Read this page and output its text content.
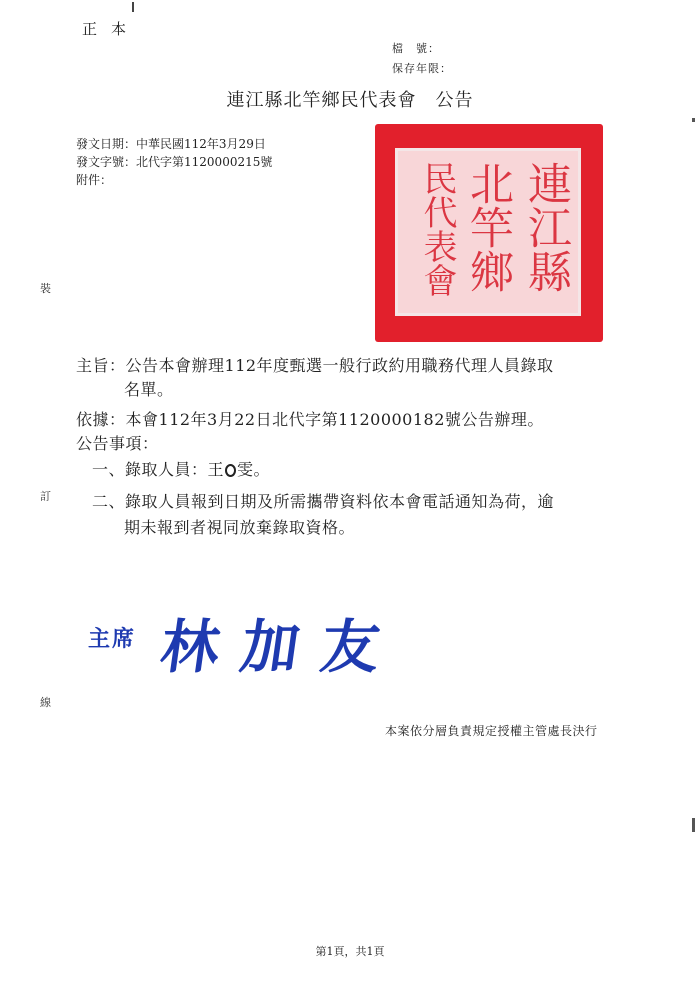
正本
檔　號：
保存年限：
連江縣北竿鄉民代表會　公告
發文日期：中華民國112年3月29日
發文字號：北代字第1120000215號
附件：
裝
訂
線
連江縣
北竿鄉
民代表會
主旨：公告本會辦理112年度甄選一般行政約用職務代理人員錄取
名單。
依據：本會112年3月22日北代字第1120000182號公告辦理。
公告事項：
一、錄取人員：王 雯。
二、錄取人員報到日期及所需攜帶資料依本會電話通知為荷，逾
期未報到者視同放棄錄取資格。
主席 林加友
本案依分層負責規定授權主管處長決行
第1頁，共1頁
